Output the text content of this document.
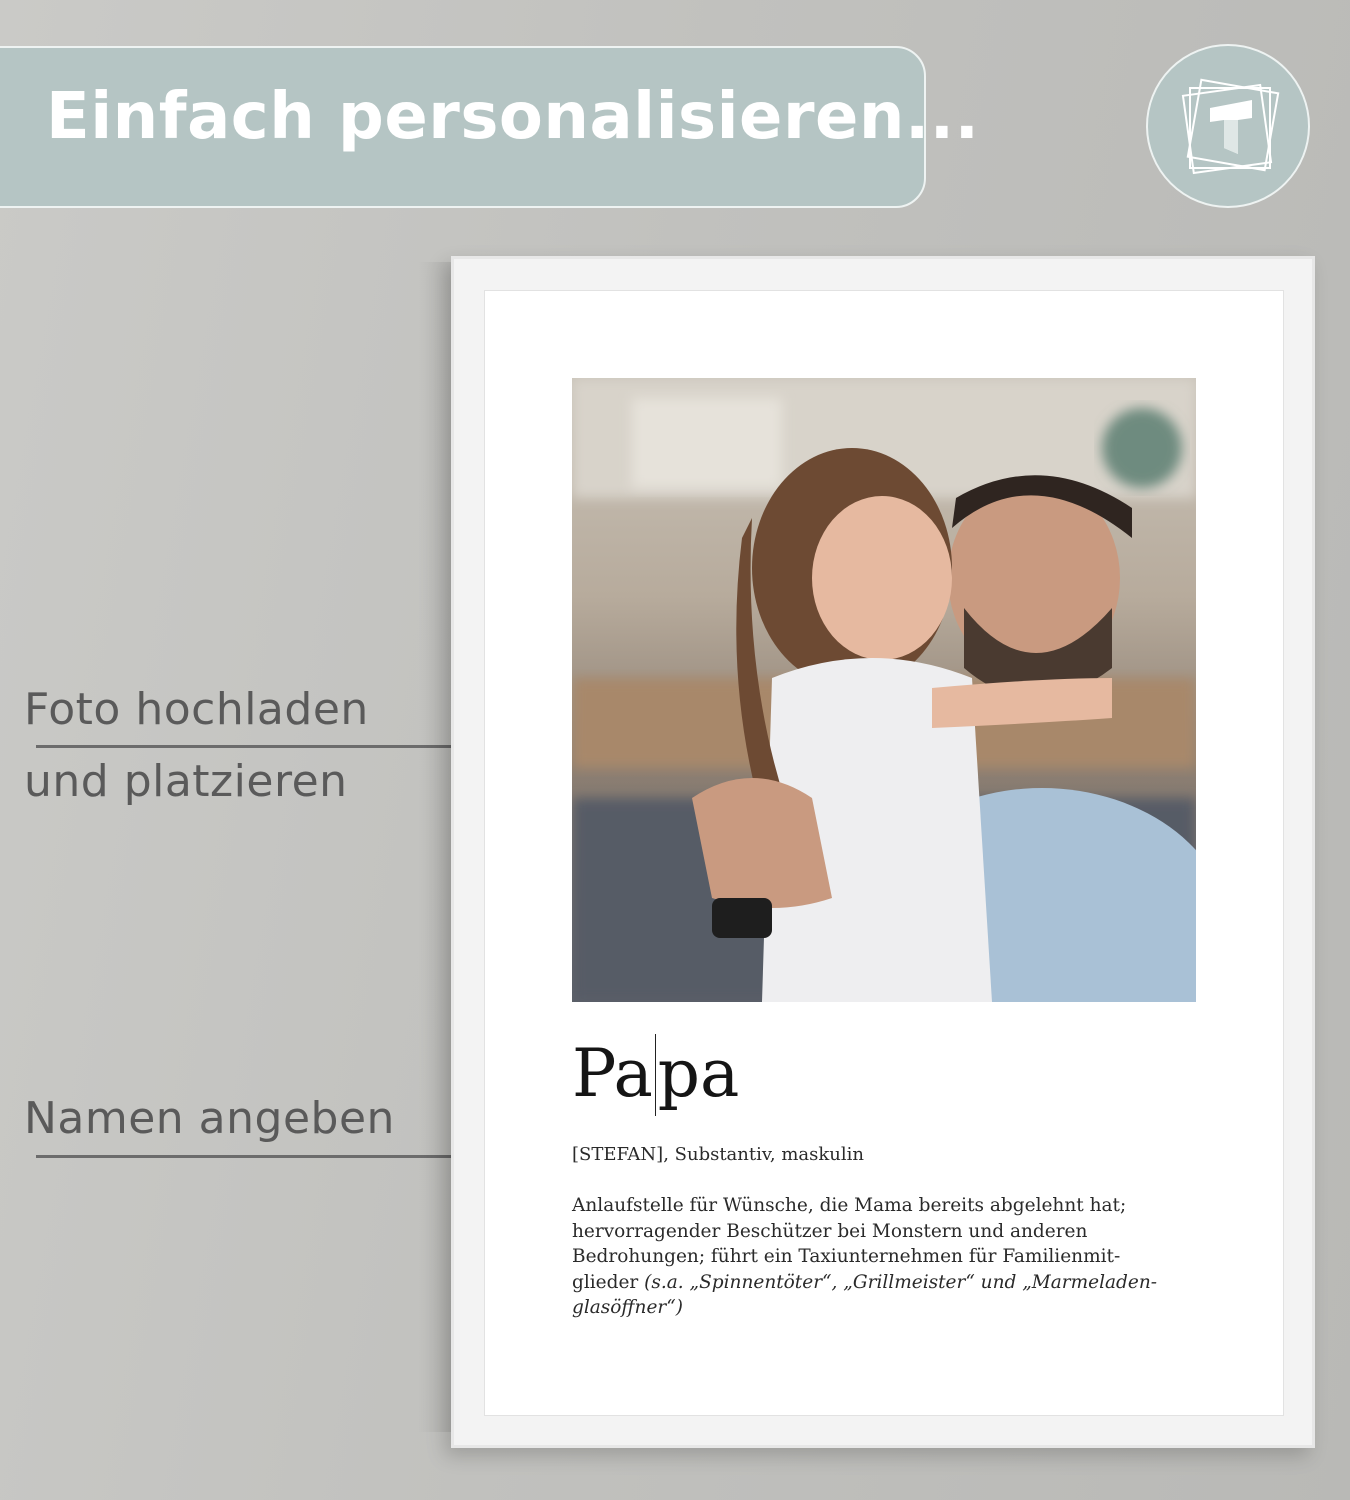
Einfach personalisieren...

Foto hochladen

und platzieren

Namen angeben

Papa

[STEFAN], Substantiv, maskulin

Anlaufstelle für Wünsche, die Mama bereits abgelehnt hat;
hervorragender Beschützer bei Monstern und anderen
Bedrohungen; führt ein Taxiunternehmen für Familienmit-
glieder (s.a. „Spinnentöter“, „Grillmeister“ und „Marmeladen-
glasöffner“)
